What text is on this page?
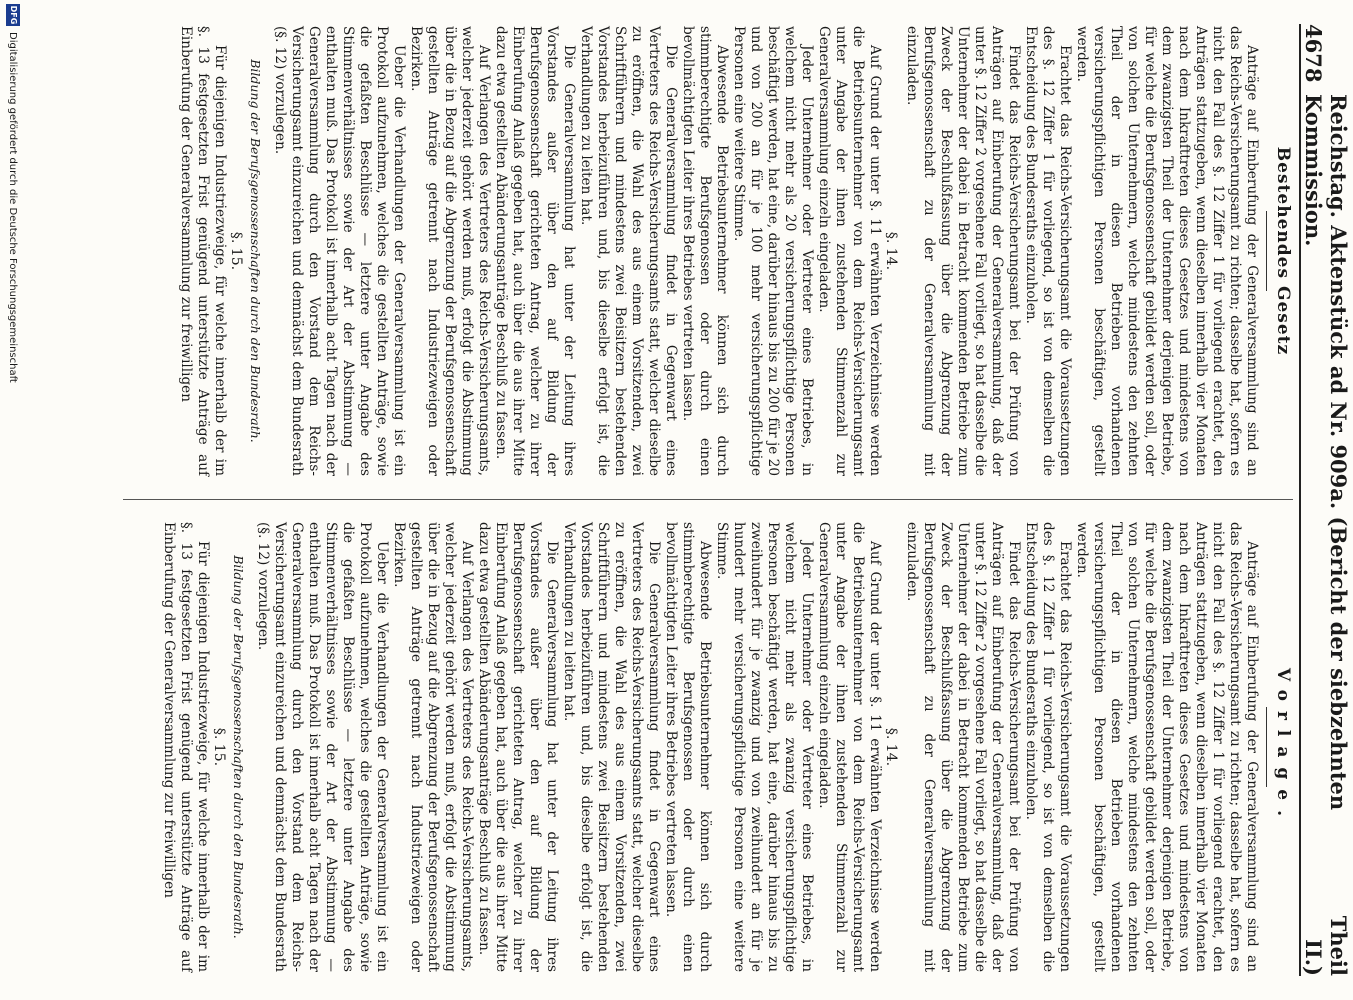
4678
Reichstag. Aktenstück ad Nr. 909a. (Bericht der siebzehnten Kommission.
Theil II.)
Bestehendes Gesetz

Anträge auf Einberufung der Generalversammlung sind an das Reichs-Versicherungsamt zu richten; dasselbe hat, sofern es nicht den Fall des §. 12 Ziffer 1 für vorliegend erachtet, den Anträgen stattzugeben, wenn dieselben innerhalb vier Monaten nach dem Inkrafttreten dieses Gesetzes und mindestens von dem zwanzigsten Theil der Unternehmer derjenigen Betriebe, für welche die Berufsgenossenschaft gebildet werden soll, oder von solchen Unternehmern, welche mindestens den zehnten Theil der in diesen Betrieben vorhandenen versicherungspflichtigen Personen beschäftigen, gestellt werden.

Erachtet das Reichs-Versicherungsamt die Voraussetzungen des §. 12 Ziffer 1 für vorliegend, so ist von demselben die Entscheidung des Bundesraths einzuholen.

Findet das Reichs-Versicherungsamt bei der Prüfung von Anträgen auf Einberufung der Generalversammlung, daß der unter §. 12 Ziffer 2 vorgesehene Fall vorliegt, so hat dasselbe die Unternehmer der dabei in Betracht kommenden Betriebe zum Zweck der Beschlußfassung über die Abgrenzung der Berufsgenossenschaft zu der Generalversammlung mit einzuladen.

§. 14.

Auf Grund der unter §. 11 erwähnten Verzeichnisse werden die Betriebsunternehmer von dem Reichs-Versicherungsamt unter Angabe der ihnen zustehenden Stimmenzahl zur Generalversammlung einzeln eingeladen.

Jeder Unternehmer oder Vertreter eines Betriebes, in welchem nicht mehr als 20 versicherungspflichtige Personen beschäftigt werden, hat eine, darüber hinaus bis zu 200 für je 20 und von 200 an für je 100 mehr versicherungspflichtige Personen eine weitere Stimme.

Abwesende Betriebsunternehmer können sich durch stimmberechtigte Berufsgenossen oder durch einen bevollmächtigten Leiter ihres Betriebes vertreten lassen.

Die Generalversammlung findet in Gegenwart eines Vertreters des Reichs-Versicherungsamts statt, welcher dieselbe zu eröffnen, die Wahl des aus einem Vorsitzenden, zwei Schriftführern und mindestens zwei Beisitzern bestehenden Vorstandes herbeizuführen und, bis dieselbe erfolgt ist, die Verhandlungen zu leiten hat.

Die Generalversammlung hat unter der Leitung ihres Vorstandes außer über den auf Bildung der Berufsgenossenschaft gerichteten Antrag, welcher zu ihrer Einberufung Anlaß gegeben hat, auch über die aus ihrer Mitte dazu etwa gestellten Abänderungsanträge Beschluß zu fassen.

Auf Verlangen des Vertreters des Reichs-Versicherungsamts, welcher jederzeit gehört werden muß, erfolgt die Abstimmung über die in Bezug auf die Abgrenzung der Berufsgenossenschaft gestellten Anträge getrennt nach Industriezweigen oder Bezirken.

Ueber die Verhandlungen der Generalversammlung ist ein Protokoll aufzunehmen, welches die gestellten Anträge, sowie die gefaßten Beschlüsse — letztere unter Angabe des Stimmenverhältnisses sowie der Art der Abstimmung — enthalten muß. Das Protokoll ist innerhalb acht Tagen nach der Generalversammlung durch den Vorstand dem Reichs-Versicherungsamt einzureichen und demnächst dem Bundesrath (§. 12) vorzulegen.

Bildung der Berufsgenossenschaften durch den Bundesrath.

§. 15.

Für diejenigen Industriezweige, für welche innerhalb der im §. 13 festgesetzten Frist genügend unterstützte Anträge auf Einberufung der Generalversammlung zur freiwilligen

Vorlage.

Anträge auf Einberufung der Generalversammlung sind an das Reichs-Versicherungsamt zu richten; dasselbe hat, sofern es nicht den Fall des §. 12 Ziffer 1 für vorliegend erachtet, den Anträgen stattzugeben, wenn dieselben innerhalb vier Monaten nach dem Inkrafttreten dieses Gesetzes und mindestens von dem zwanzigsten Theil der Unternehmer derjenigen Betriebe, für welche die Berufsgenossenschaft gebildet werden soll, oder von solchen Unternehmern, welche mindestens den zehnten Theil der in diesen Betrieben vorhandenen versicherungspflichtigen Personen beschäftigen, gestellt werden.

Erachtet das Reichs-Versicherungsamt die Voraussetzungen des §. 12 Ziffer 1 für vorliegend, so ist von demselben die Entscheidung des Bundesraths einzuholen.

Findet das Reichs-Versicherungsamt bei der Prüfung von Anträgen auf Einberufung der Generalversammlung, daß der unter §. 12 Ziffer 2 vorgesehene Fall vorliegt, so hat dasselbe die Unternehmer der dabei in Betracht kommenden Betriebe zum Zweck der Beschlußfassung über die Abgrenzung der Berufsgenossenschaft zu der Generalversammlung mit einzuladen.

§. 14.

Auf Grund der unter §. 11 erwähnten Verzeichnisse werden die Betriebsunternehmer von dem Reichs-Versicherungsamt unter Angabe der ihnen zustehenden Stimmenzahl zur Generalversammlung einzeln eingeladen.

Jeder Unternehmer oder Vertreter eines Betriebes, in welchem nicht mehr als zwanzig versicherungspflichtige Personen beschäftigt werden, hat eine, darüber hinaus bis zu zweihundert für je zwanzig und von zweihundert an für je hundert mehr versicherungspflichtige Personen eine weitere Stimme.

Abwesende Betriebsunternehmer können sich durch stimmberechtigte Berufsgenossen oder durch einen bevollmächtigten Leiter ihres Betriebes vertreten lassen.

Die Generalversammlung findet in Gegenwart eines Vertreters des Reichs-Versicherungsamts statt, welcher dieselbe zu eröffnen, die Wahl des aus einem Vorsitzenden, zwei Schriftführern und mindestens zwei Beisitzern bestehenden Vorstandes herbeizuführen und, bis dieselbe erfolgt ist, die Verhandlungen zu leiten hat.

Die Generalversammlung hat unter der Leitung ihres Vorstandes außer über den auf Bildung der Berufsgenossenschaft gerichteten Antrag, welcher zu ihrer Einberufung Anlaß gegeben hat, auch über die aus ihrer Mitte dazu etwa gestellten Abänderungsanträge Beschluß zu fassen.

Auf Verlangen des Vertreters des Reichs-Versicherungsamts, welcher jederzeit gehört werden muß, erfolgt die Abstimmung über die in Bezug auf die Abgrenzung der Berufsgenossenschaft gestellten Anträge getrennt nach Industriezweigen oder Bezirken.

Ueber die Verhandlungen der Generalversammlung ist ein Protokoll aufzunehmen, welches die gestellten Anträge, sowie die gefaßten Beschlüsse — letztere unter Angabe des Stimmenverhältnisses sowie der Art der Abstimmung — enthalten muß. Das Protokoll ist innerhalb acht Tagen nach der Generalversammlung durch den Vorstand dem Reichs-Versicherungsamt einzureichen und demnächst dem Bundesrath (§. 12) vorzulegen.

Bildung der Berufsgenossenschaften durch den Bundesrath.

§. 15.

Für diejenigen Industriezweige, für welche innerhalb der im §. 13 festgesetzten Frist genügend unterstützte Anträge auf Einberufung der Generalversammlung zur freiwilligen

DFG
Digitalisierung gefördert durch die Deutsche Forschungsgemeinschaft
